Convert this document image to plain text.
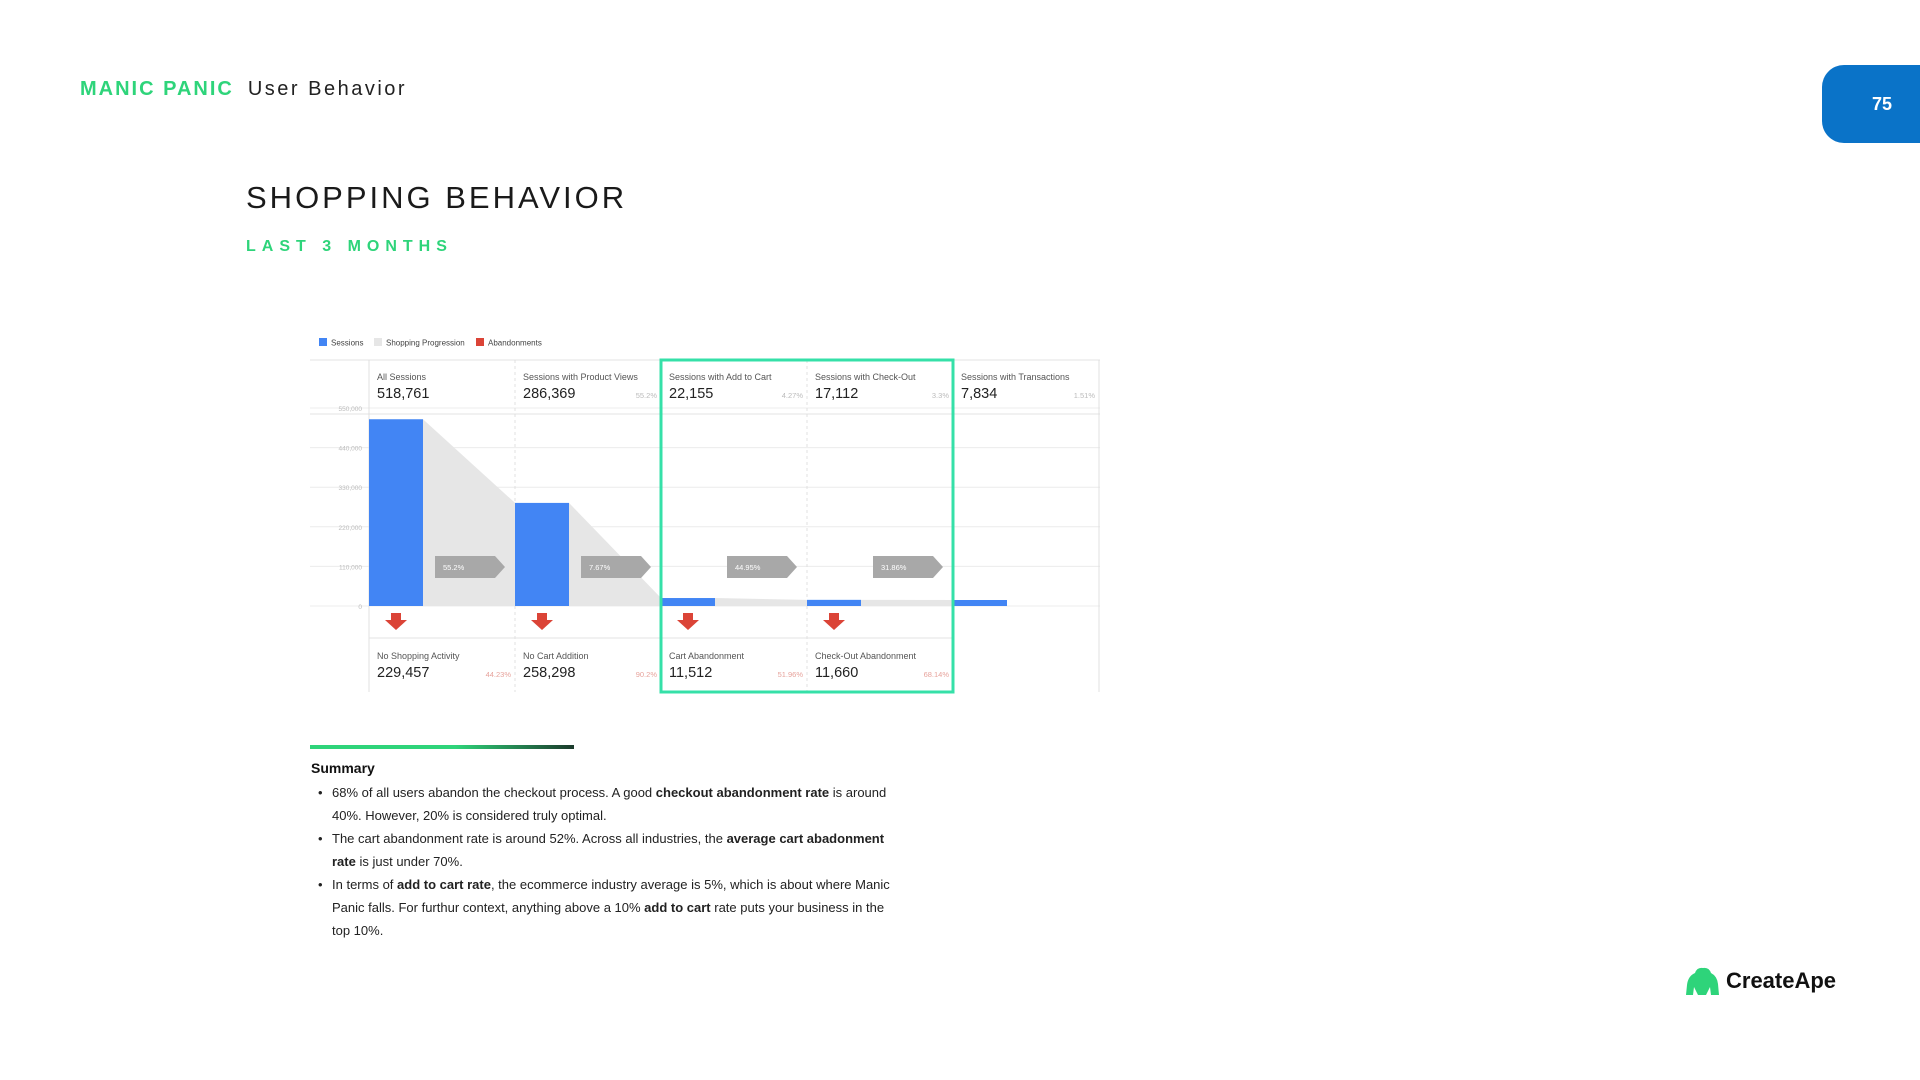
MANIC PANIC User Behavior
75
SHOPPING BEHAVIOR
LAST 3 MONTHS
Sessions	Shopping Progression	Abandonments
550,000
440,000
330,000
220,000
110,000
0
All Sessions
518,761
Sessions with Product Views
286,369	55.2%
Sessions with Add to Cart
22,155	4.27%
Sessions with Check-Out
17,112	3.3%
Sessions with Transactions
7,834	1.51%
55.2%	7.67%	44.95%	31.86%
No Shopping Activity
229,457	44.23%
No Cart Addition
258,298	90.2%
Cart Abandonment
11,512	51.96%
Check-Out Abandonment
11,660	68.14%
Summary
• 68% of all users abandon the checkout process. A good checkout abandonment rate is around 40%. However, 20% is considered truly optimal.
• The cart abandonment rate is around 52%. Across all industries, the average cart abadonment rate is just under 70%.
• In terms of add to cart rate, the ecommerce industry average is 5%, which is about where Manic Panic falls. For furthur context, anything above a 10% add to cart rate puts your business in the top 10%.
CreateApe
